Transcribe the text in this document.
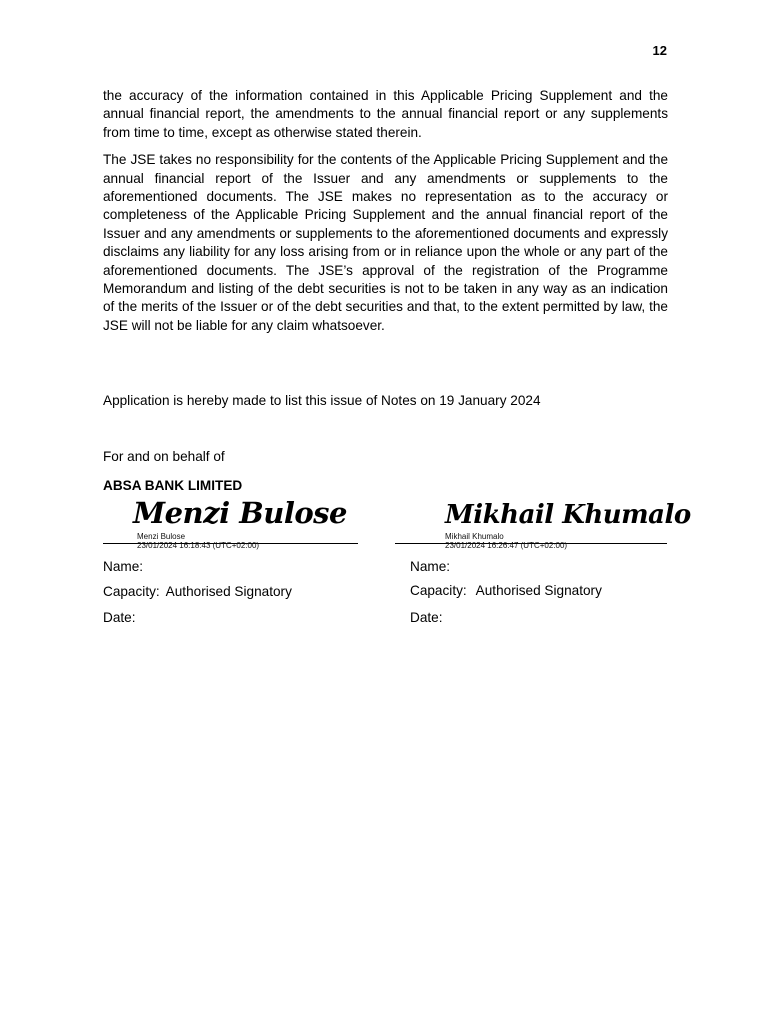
12

the accuracy of the information contained in this Applicable Pricing Supplement and the annual financial report, the amendments to the annual financial report or any supplements from time to time, except as otherwise stated therein.

The JSE takes no responsibility for the contents of the Applicable Pricing Supplement and the annual financial report of the Issuer and any amendments or supplements to the aforementioned documents. The JSE makes no representation as to the accuracy or completeness of the Applicable Pricing Supplement and the annual financial report of the Issuer and any amendments or supplements to the aforementioned documents and expressly disclaims any liability for any loss arising from or in reliance upon the whole or any part of the aforementioned documents. The JSE’s approval of the registration of the Programme Memorandum and listing of the debt securities is not to be taken in any way as an indication of the merits of the Issuer or of the debt securities and that, to the extent permitted by law, the JSE will not be liable for any claim whatsoever.

Application is hereby made to list this issue of Notes on 19 January 2024
For and on behalf of
ABSA BANK LIMITED
Menzi Bulose
Menzi Bulose
23/01/2024 16:18:43 (UTC+02:00)
Name:
Capacity: Authorised Signatory
Date:
Mikhail Khumalo
Mikhail Khumalo
23/01/2024 16:26:47 (UTC+02:00)
Name:
Capacity: Authorised Signatory
Date:
